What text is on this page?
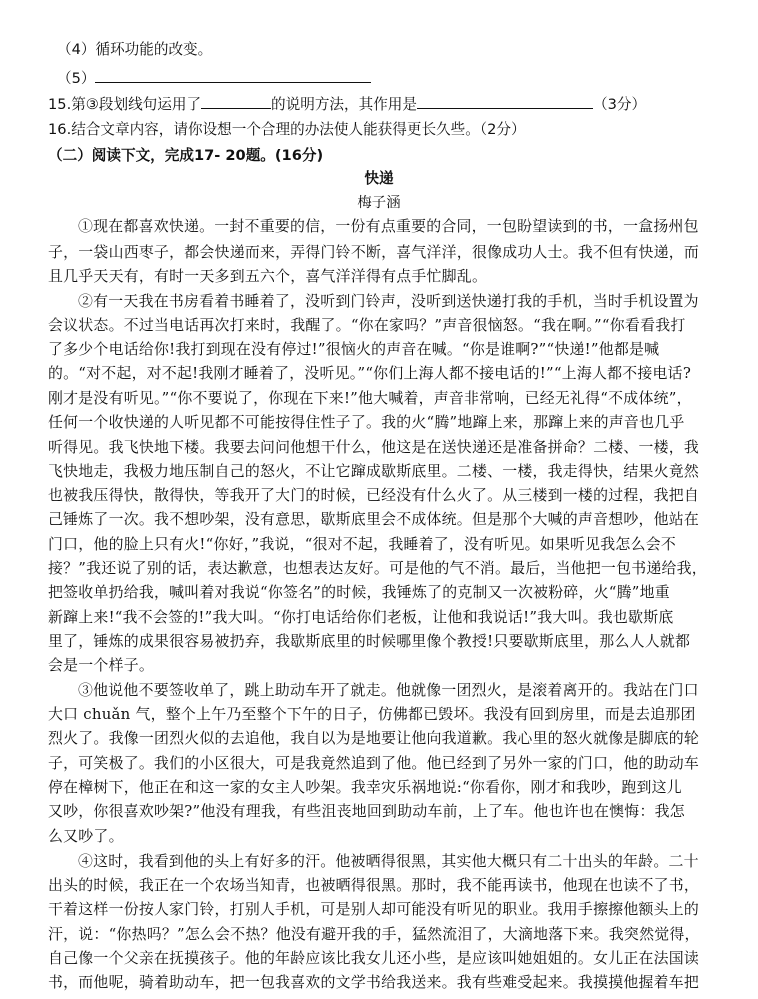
（4）循环功能的改变。
（5）
15.第③段划线句运用了	的说明方法，其作用是	（3分）
16.结合文章内容，请你设想一个合理的办法使人能获得更长久些。（2分）
（二）阅读下文，完成17- 20题。(16分)
快递
梅子涵
①现在都喜欢快递。一封不重要的信，一份有点重要的合同，一包盼望读到的书，一盒扬州包
子，一袋山西枣子，都会快递而来，弄得门铃不断，喜气洋洋，很像成功人士。我不但有快递，而
且几乎天天有，有时一天多到五六个，喜气洋洋得有点手忙脚乱。
②有一天我在书房看着书睡着了，没听到门铃声，没听到送快递打我的手机，当时手机设置为
会议状态。不过当电话再次打来时，我醒了。“你在家吗？”声音很恼怒。“我在啊。”“你看看我打
了多少个电话给你!我打到现在没有停过!”很恼火的声音在喊。“你是谁啊?”“快递!”他都是喊
的。“对不起，对不起!我刚才睡着了，没听见。”“你们上海人都不接电话的!”“上海人都不接电话?
刚才是没有听见。”“你不要说了，你现在下来!”他大喊着，声音非常响，已经无礼得“不成体统”，
任何一个收快递的人听见都不可能按得住性子了。我的火“腾”地蹿上来，那蹿上来的声音也几乎
听得见。我飞快地下楼。我要去问问他想干什么，他这是在送快递还是准备拼命？二楼、一楼，我
飞快地走，我极力地压制自己的怒火，不让它蹿成歇斯底里。二楼、一楼，我走得快，结果火竟然
也被我压得快，散得快，等我开了大门的时候，已经没有什么火了。从三楼到一楼的过程，我把自
己锤炼了一次。我不想吵架，没有意思，歇斯底里会不成体统。但是那个大喊的声音想吵，他站在
门口，他的脸上只有火!“你好，”我说，“很对不起，我睡着了，没有听见。如果听见我怎么会不
接？”我还说了别的话，表达歉意，也想表达友好。可是他的气不消。最后，当他把一包书递给我，
把签收单扔给我，喊叫着对我说“你签名”的时候，我锤炼了的克制又一次被粉碎，火“腾”地重
新蹿上来!“我不会签的!”我大叫。“你打电话给你们老板，让他和我说话!”我大叫。我也歇斯底
里了，锤炼的成果很容易被扔弃，我歇斯底里的时候哪里像个教授!只要歇斯底里，那么人人就都
会是一个样子。
③他说他不要签收单了，跳上助动车开了就走。他就像一团烈火，是滚着离开的。我站在门口
大口 chuǎn 气，整个上午乃至整个下午的日子，仿佛都已毁坏。我没有回到房里，而是去追那团
烈火了。我像一团烈火似的去追他，我自以为是地要让他向我道歉。我心里的怒火就像是脚底的轮
子，可笑极了。我们的小区很大，可是我竟然追到了他。他已经到了另外一家的门口，他的助动车
停在樟树下，他正在和这一家的女主人吵架。我幸灾乐祸地说:“你看你，刚才和我吵，跑到这儿
又吵，你很喜欢吵架?”他没有理我，有些沮丧地回到助动车前，上了车。他也许也在懊悔：我怎
么又吵了。
④这时，我看到他的头上有好多的汗。他被晒得很黑，其实他大概只有二十出头的年龄。二十
出头的时候，我正在一个农场当知青，也被晒得很黑。那时，我不能再读书，他现在也读不了书，
干着这样一份按人家门铃，打别人手机，可是别人却可能没有听见的职业。我用手擦擦他额头上的
汗，说：“你热吗？”怎么会不热？他没有避开我的手，猛然流泪了，大滴地落下来。我突然觉得，
自己像一个父亲在抚摸孩子。他的年龄应该比我女儿还小些，是应该叫她姐姐的。女儿正在法国读
书，而他呢，骑着助动车，把一包我喜欢的文学书给我送来。我有些难受起来。我摸摸他握着车把
